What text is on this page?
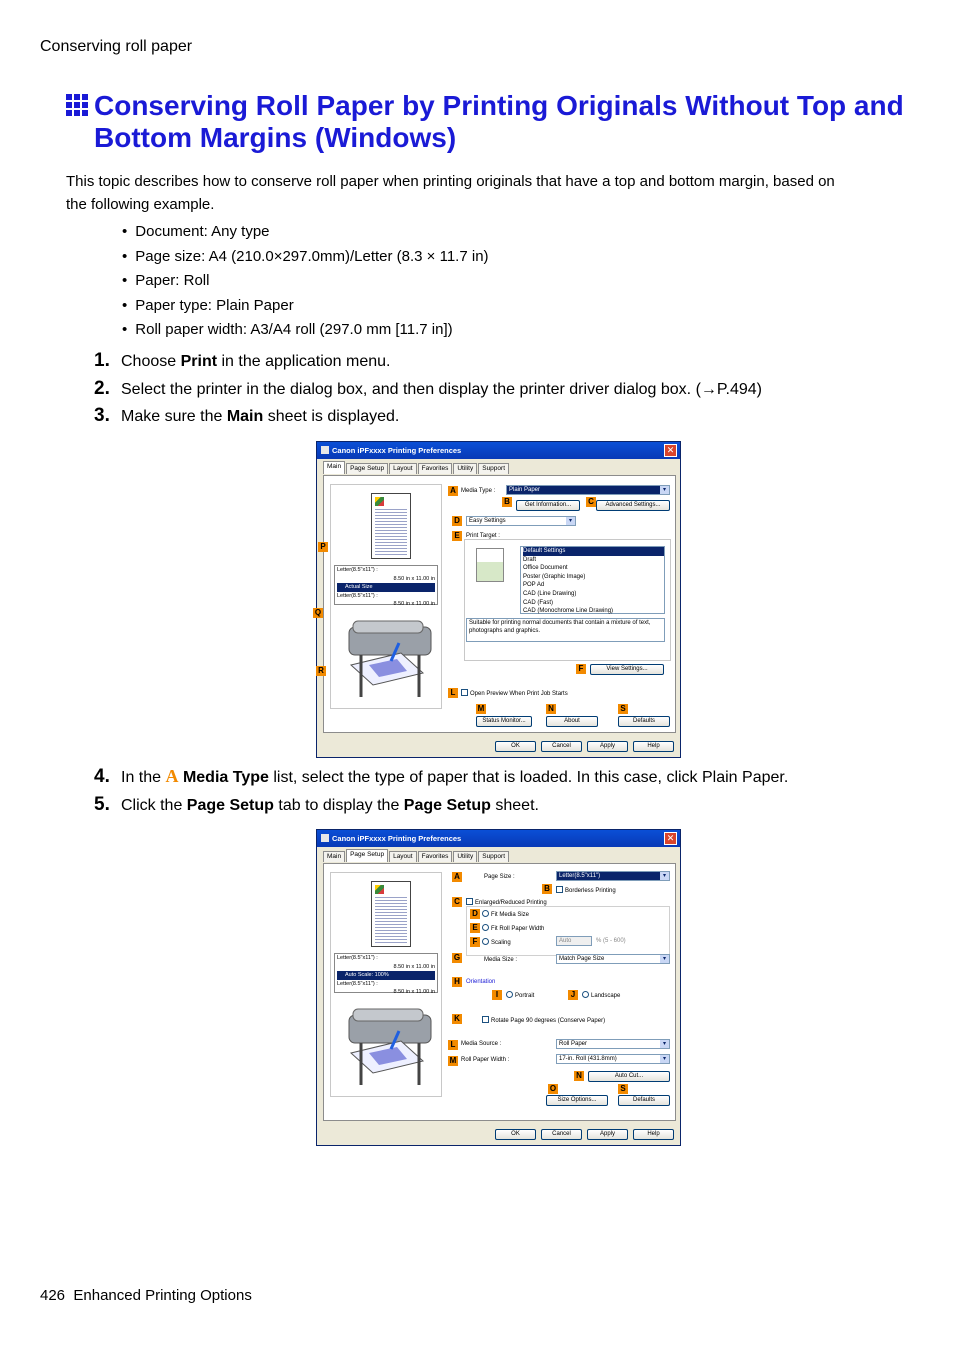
Conserving roll paper
Conserving Roll Paper by Printing Originals Without Top and Bottom Margins (Windows)

This topic describes how to conserve roll paper when printing originals that have a top and bottom margin, based on the following example.

• Document: Any type
• Page size: A4 (210.0×297.0mm)/Letter (8.3 × 11.7 in)
• Paper: Roll
• Paper type: Plain Paper
• Roll paper width: A3/A4 roll (297.0 mm [11.7 in])
1. Choose Print in the application menu.
2. Select the printer in the dialog box, and then display the printer driver dialog box. (→P.494)
3. Make sure the Main sheet is displayed.
Canon iPFxxxx Printing Preferences	✕
Main	Page Setup	Layout	Favorites	Utility	Support
Letter(8.5"x11") :
8.50 in x 11.00 in
Actual Size
Letter(8.5"x11") :
8.50 in x 11.00 in
P
Q
R
A Media Type :	Plain Paper	▾
B	Get Information...	C	Advanced Settings...
D	Easy Settings	▾
E	Print Target :
Default Settings
Draft
Office Document
Poster (Graphic Image)
POP Ad
CAD (Line Drawing)
CAD (Fast)
CAD (Monochrome Line Drawing)
Suitable for printing normal documents that contain a mixture of text, photographs and graphics.
F	View Settings...
L	Open Preview When Print Job Starts
M
Status Monitor...
N
About
S
Defaults
OK	Cancel	Apply	Help
4. In the A Media Type list, select the type of paper that is loaded. In this case, click Plain Paper.
5. Click the Page Setup tab to display the Page Setup sheet.
Canon iPFxxxx Printing Preferences	✕
Main	Page Setup	Layout	Favorites	Utility	Support
Letter(8.5"x11") :
8.50 in x 11.00 in
Auto Scale: 100%
Letter(8.5"x11") :
8.50 in x 11.00 in
A	Page Size :	Letter(8.5"x11")	▾
B	Borderless Printing
C	Enlarged/Reduced Printing
D	Fit Media Size
E	Fit Roll Paper Width
F	Scaling	Auto	% (5 - 600)
G	Media Size :	Match Page Size	▾
H	Orientation
I	Portrait	J	Landscape
K	Rotate Page 90 degrees (Conserve Paper)
L Media Source :	Roll Paper	▾
M Roll Paper Width :	17-in. Roll (431.8mm)	▾
N	Auto Cut...
O
Size Options...
S
Defaults
OK	Cancel	Apply	Help
426 Enhanced Printing Options
